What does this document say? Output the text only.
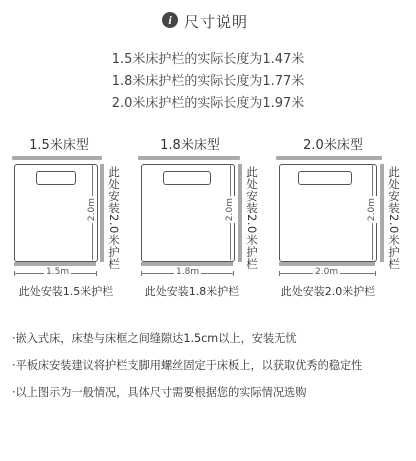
i 尺寸说明
1.5米床护栏的实际长度为1.47米
1.8米床护栏的实际长度为1.77米
2.0米床护栏的实际长度为1.97米
1.5米床型
2.0m
1.5m
此处安装2.0米护栏
此处安装1.5米护栏
1.8米床型
2.0m
1.8m
此处安装2.0米护栏
此处安装1.8米护栏
2.0米床型
2.0m
2.0m
此处安装2.0米护栏
此处安装2.0米护栏
·嵌入式床，床垫与床框之间缝隙达1.5cm以上，安装无忧
·平板床安装建议将护栏支脚用螺丝固定于床板上，以获取优秀的稳定性
·以上图示为一般情况，具体尺寸需要根据您的实际情况选购
